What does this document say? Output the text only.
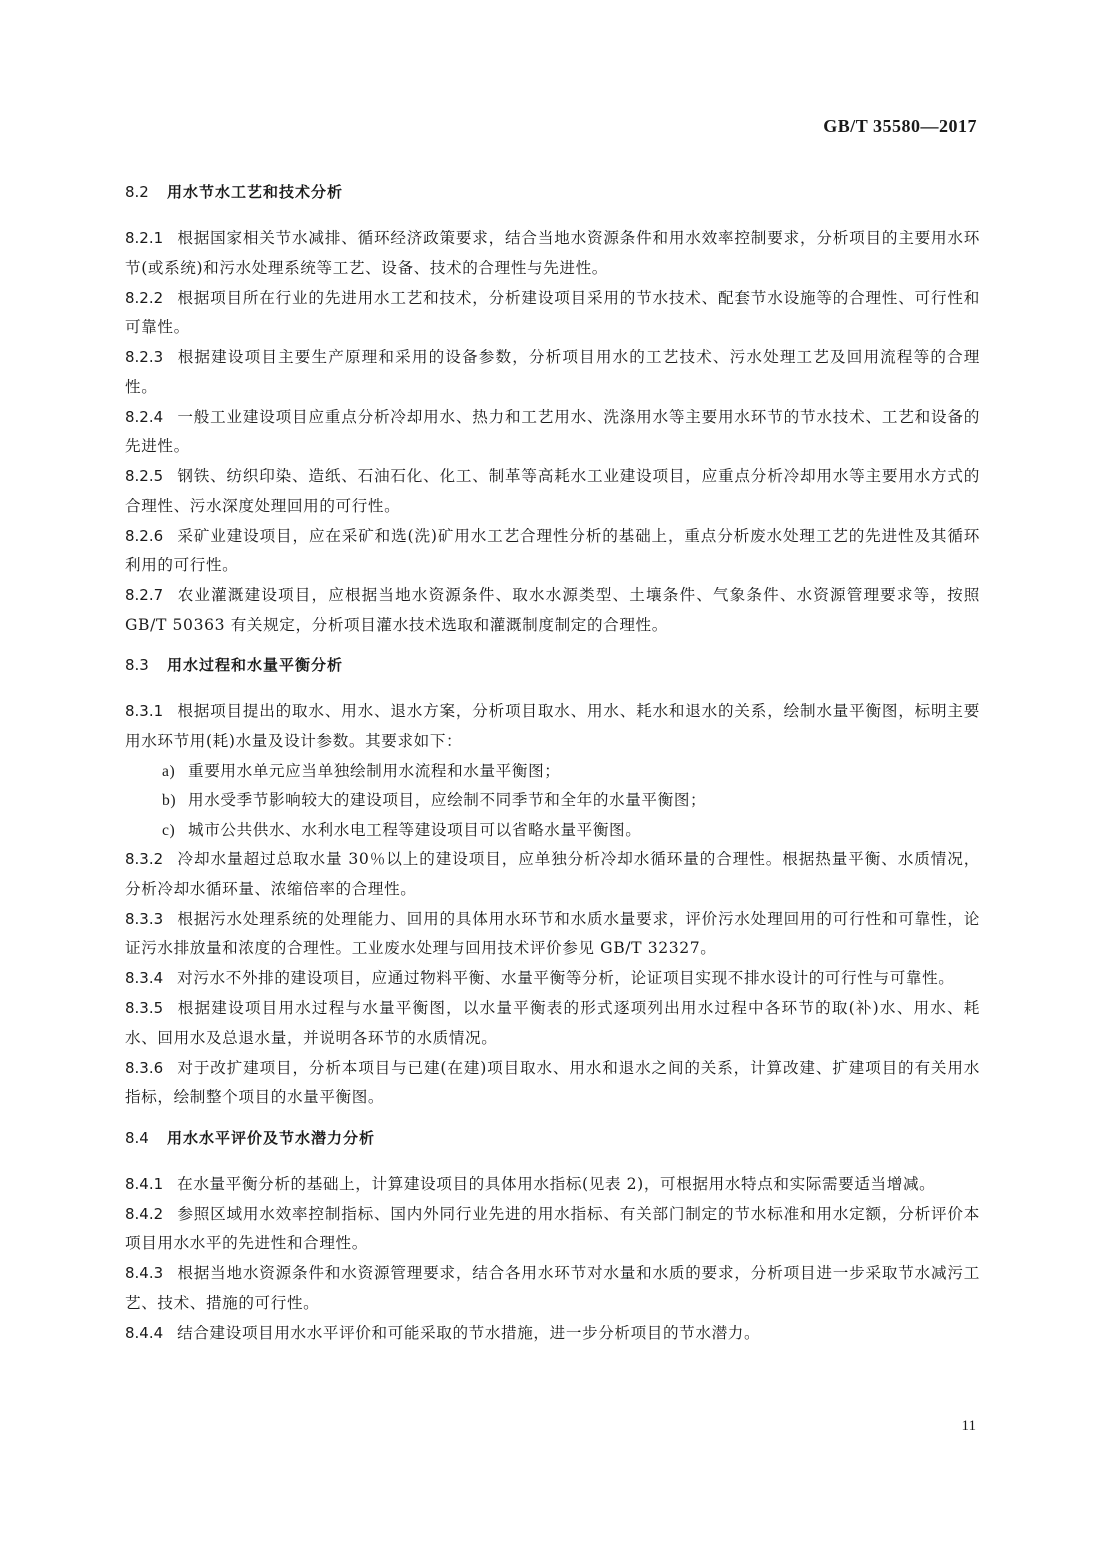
GB/T 35580—2017
8.2	用水节水工艺和技术分析

8.2.1 根据国家相关节水减排、循环经济政策要求，结合当地水资源条件和用水效率控制要求，分析项目的主要用水环节(或系统)和污水处理系统等工艺、设备、技术的合理性与先进性。

8.2.2 根据项目所在行业的先进用水工艺和技术，分析建设项目采用的节水技术、配套节水设施等的合理性、可行性和可靠性。

8.2.3 根据建设项目主要生产原理和采用的设备参数，分析项目用水的工艺技术、污水处理工艺及回用流程等的合理性。

8.2.4 一般工业建设项目应重点分析冷却用水、热力和工艺用水、洗涤用水等主要用水环节的节水技术、工艺和设备的先进性。

8.2.5 钢铁、纺织印染、造纸、石油石化、化工、制革等高耗水工业建设项目，应重点分析冷却用水等主要用水方式的合理性、污水深度处理回用的可行性。

8.2.6 采矿业建设项目，应在采矿和选(洗)矿用水工艺合理性分析的基础上，重点分析废水处理工艺的先进性及其循环利用的可行性。

8.2.7 农业灌溉建设项目，应根据当地水资源条件、取水水源类型、土壤条件、气象条件、水资源管理要求等，按照 GB/T 50363 有关规定，分析项目灌水技术选取和灌溉制度制定的合理性。

8.3	用水过程和水量平衡分析

8.3.1 根据项目提出的取水、用水、退水方案，分析项目取水、用水、耗水和退水的关系，绘制水量平衡图，标明主要用水环节用(耗)水量及设计参数。其要求如下：

a) 重要用水单元应当单独绘制用水流程和水量平衡图；
b) 用水受季节影响较大的建设项目，应绘制不同季节和全年的水量平衡图；
c) 城市公共供水、水利水电工程等建设项目可以省略水量平衡图。

8.3.2 冷却水量超过总取水量 30％以上的建设项目，应单独分析冷却水循环量的合理性。根据热量平衡、水质情况，分析冷却水循环量、浓缩倍率的合理性。

8.3.3 根据污水处理系统的处理能力、回用的具体用水环节和水质水量要求，评价污水处理回用的可行性和可靠性，论证污水排放量和浓度的合理性。工业废水处理与回用技术评价参见 GB/T 32327。

8.3.4 对污水不外排的建设项目，应通过物料平衡、水量平衡等分析，论证项目实现不排水设计的可行性与可靠性。

8.3.5 根据建设项目用水过程与水量平衡图，以水量平衡表的形式逐项列出用水过程中各环节的取(补)水、用水、耗水、回用水及总退水量，并说明各环节的水质情况。

8.3.6 对于改扩建项目，分析本项目与已建(在建)项目取水、用水和退水之间的关系，计算改建、扩建项目的有关用水指标，绘制整个项目的水量平衡图。

8.4	用水水平评价及节水潜力分析

8.4.1 在水量平衡分析的基础上，计算建设项目的具体用水指标(见表 2)，可根据用水特点和实际需要适当增减。

8.4.2 参照区域用水效率控制指标、国内外同行业先进的用水指标、有关部门制定的节水标准和用水定额，分析评价本项目用水水平的先进性和合理性。

8.4.3 根据当地水资源条件和水资源管理要求，结合各用水环节对水量和水质的要求，分析项目进一步采取节水减污工艺、技术、措施的可行性。

8.4.4 结合建设项目用水水平评价和可能采取的节水措施，进一步分析项目的节水潜力。

11
